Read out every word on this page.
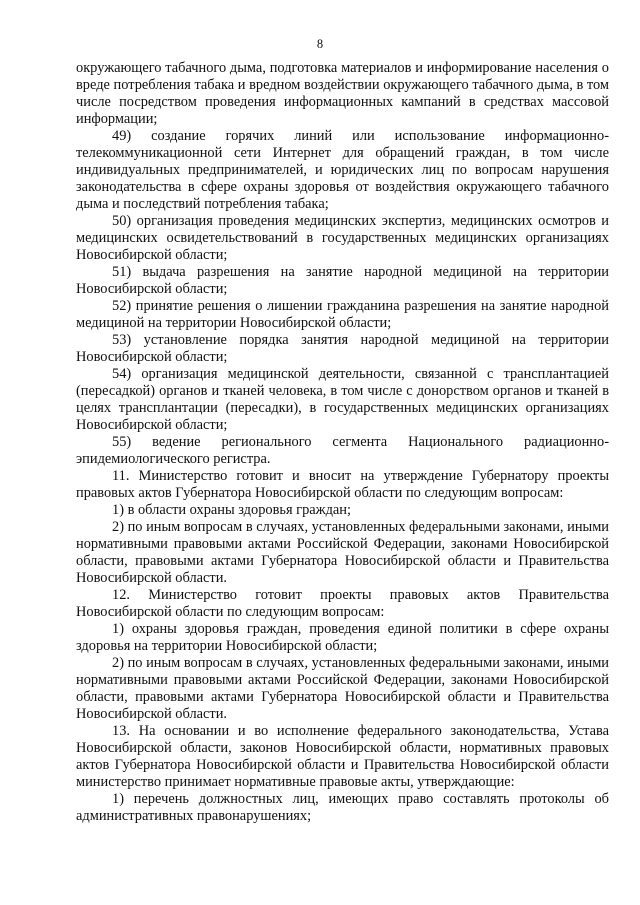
8

окружающего табачного дыма, подготовка материалов и информирование населения о вреде потребления табака и вредном воздействии окружающего табачного дыма, в том числе посредством проведения информационных кампаний в средствах массовой информации;

49) создание горячих линий или использование информационно-телекоммуникационной сети Интернет для обращений граждан, в том числе индивидуальных предпринимателей, и юридических лиц по вопросам нарушения законодательства в сфере охраны здоровья от воздействия окружающего табачного дыма и последствий потребления табака;

50) организация проведения медицинских экспертиз, медицинских осмотров и медицинских освидетельствований в государственных медицинских организациях Новосибирской области;

51) выдача разрешения на занятие народной медициной на территории Новосибирской области;

52) принятие решения о лишении гражданина разрешения на занятие народной медициной на территории Новосибирской области;

53) установление порядка занятия народной медициной на территории Новосибирской области;

54) организация медицинской деятельности, связанной с трансплантацией (пересадкой) органов и тканей человека, в том числе с донорством органов и тканей в целях трансплантации (пересадки), в государственных медицинских организациях Новосибирской области;

55) ведение регионального сегмента Национального радиационно-эпидемиологического регистра.

11. Министерство готовит и вносит на утверждение Губернатору проекты правовых актов Губернатора Новосибирской области по следующим вопросам:

1) в области охраны здоровья граждан;

2) по иным вопросам в случаях, установленных федеральными законами, иными нормативными правовыми актами Российской Федерации, законами Новосибирской области, правовыми актами Губернатора Новосибирской области и Правительства Новосибирской области.

12. Министерство готовит проекты правовых актов Правительства Новосибирской области по следующим вопросам:

1) охраны здоровья граждан, проведения единой политики в сфере охраны здоровья на территории Новосибирской области;

2) по иным вопросам в случаях, установленных федеральными законами, иными нормативными правовыми актами Российской Федерации, законами Новосибирской области, правовыми актами Губернатора Новосибирской области и Правительства Новосибирской области.

13. На основании и во исполнение федерального законодательства, Устава Новосибирской области, законов Новосибирской области, нормативных правовых актов Губернатора Новосибирской области и Правительства Новосибирской области министерство принимает нормативные правовые акты, утверждающие:

1) перечень должностных лиц, имеющих право составлять протоколы об административных правонарушениях;
